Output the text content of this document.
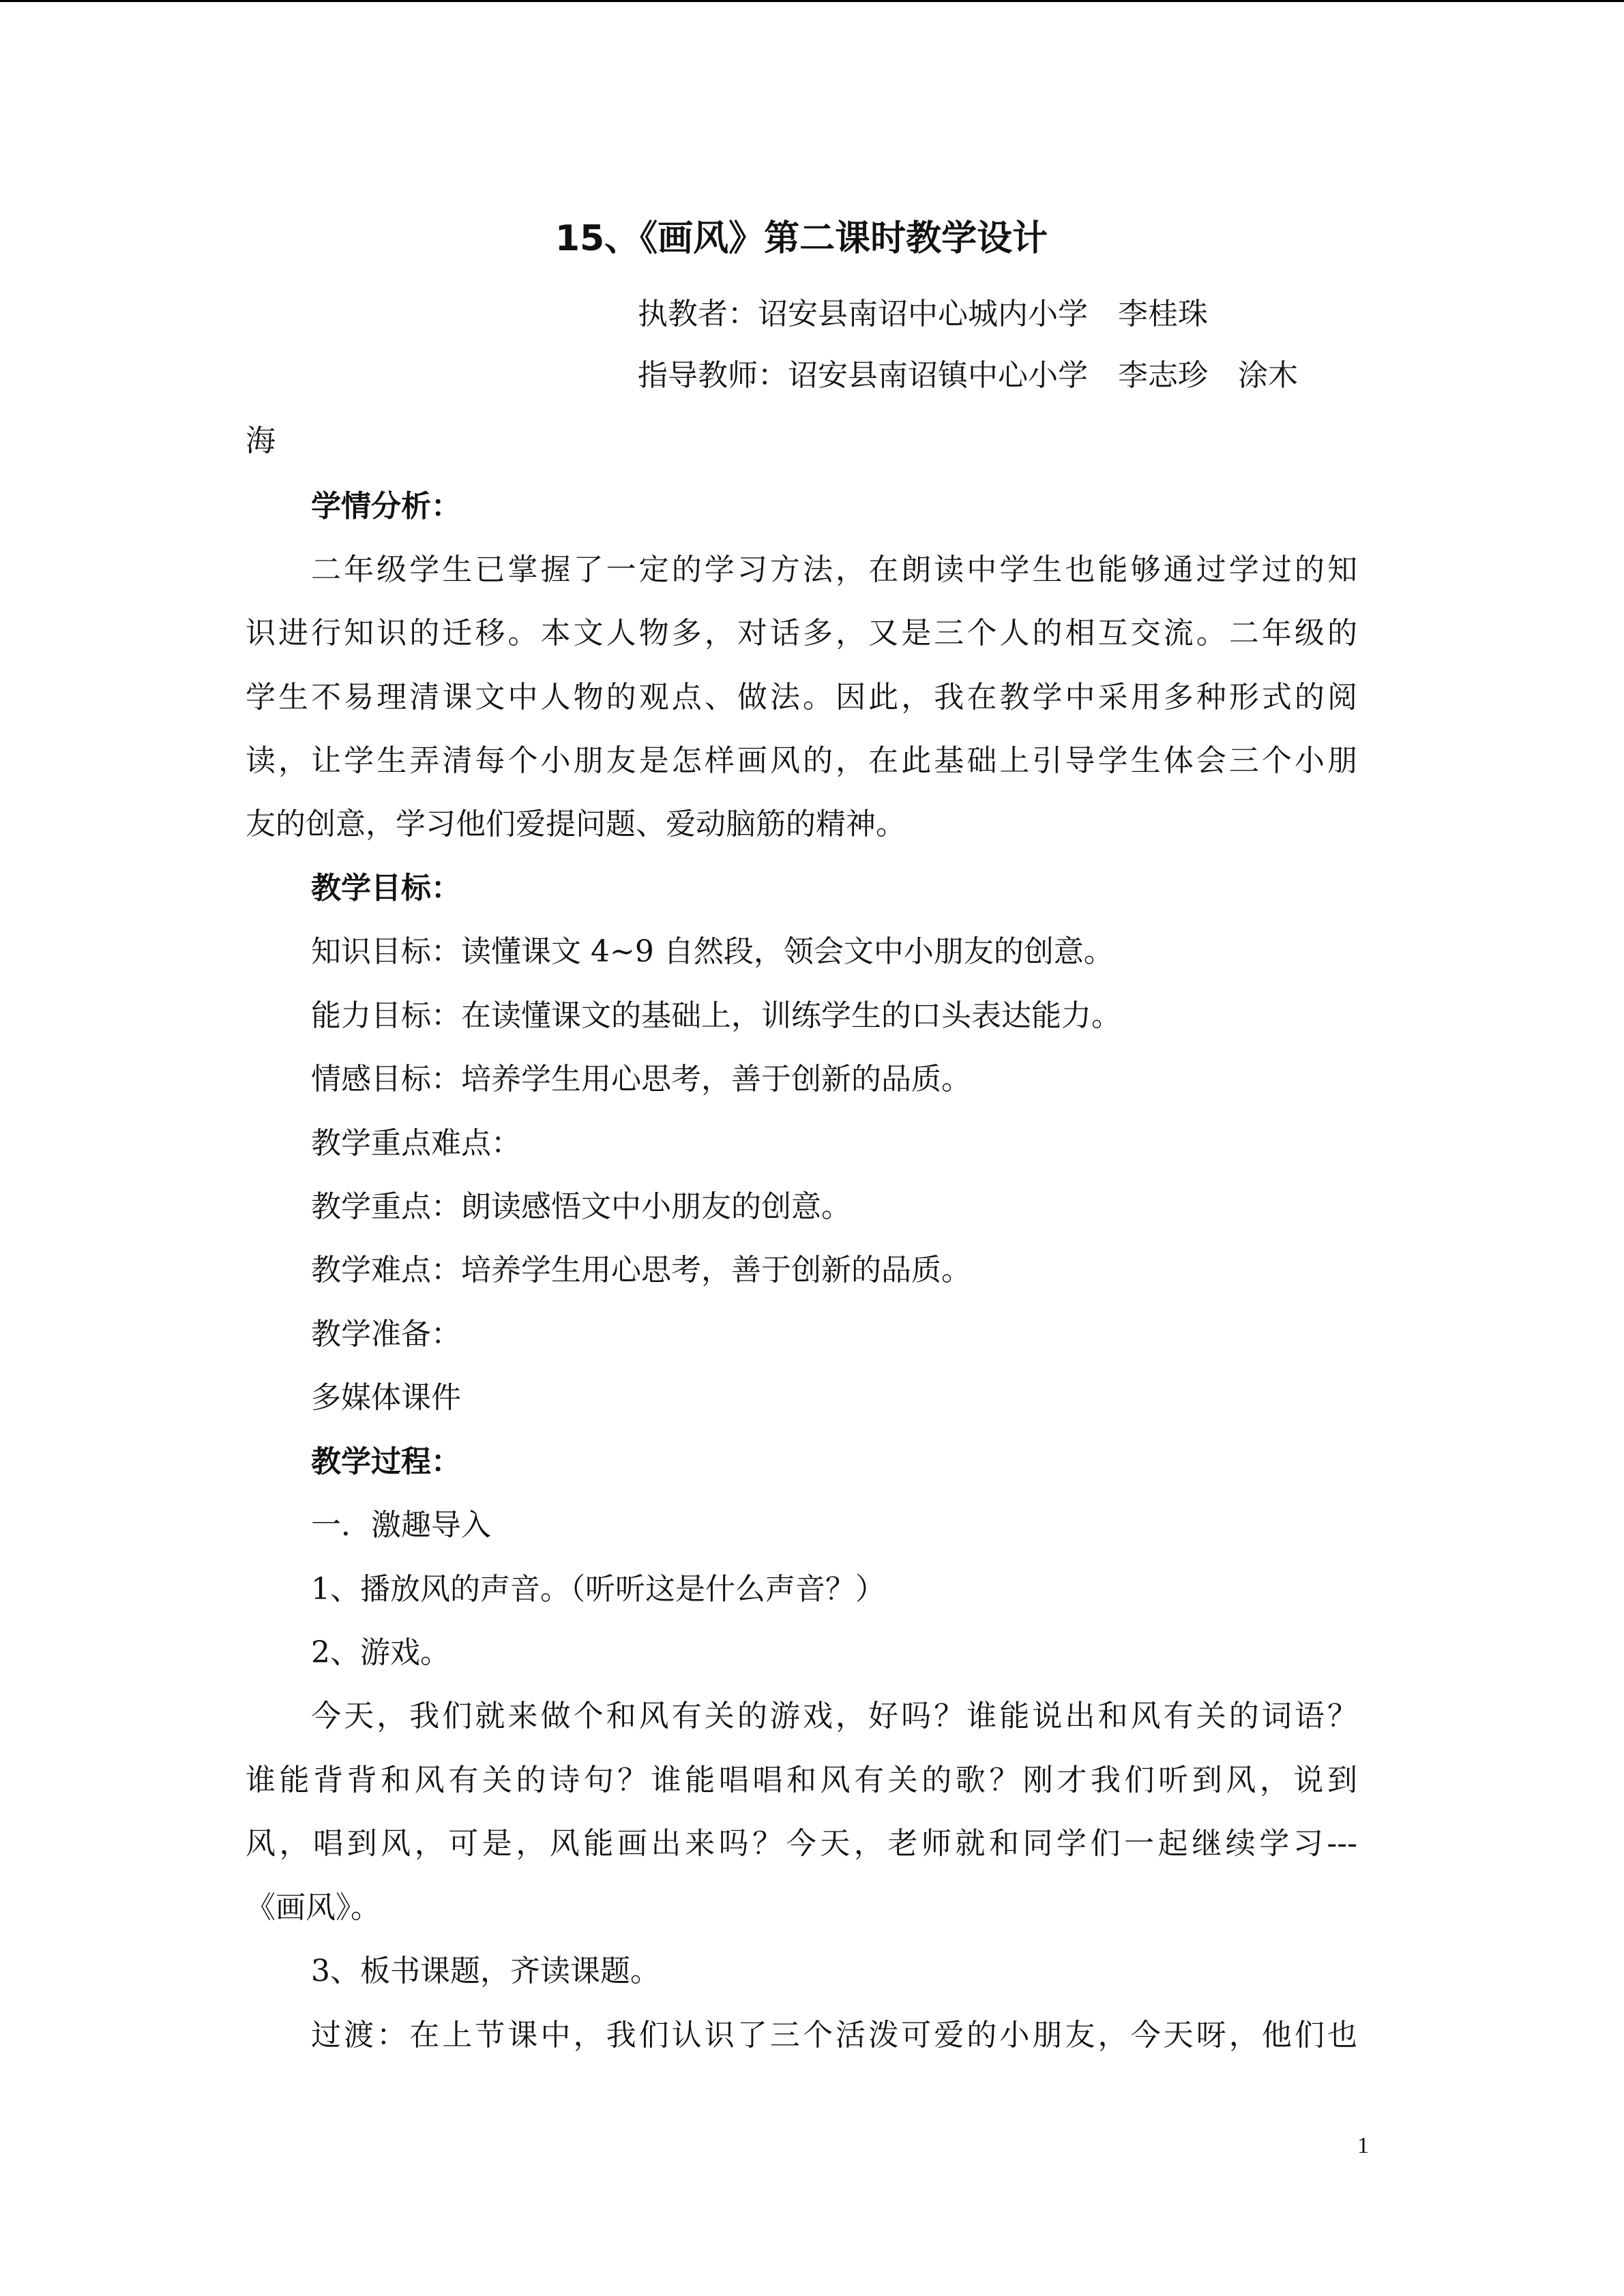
15、《画风》第二课时教学设计
执教者：诏安县南诏中心城内小学　李桂珠
指导教师：诏安县南诏镇中心小学　李志珍　涂木
海
学情分析：
二年级学生已掌握了一定的学习方法，在朗读中学生也能够通过学过的知
识进行知识的迁移。本文人物多，对话多，又是三个人的相互交流。二年级的
学生不易理清课文中人物的观点、做法。因此，我在教学中采用多种形式的阅
读，让学生弄清每个小朋友是怎样画风的，在此基础上引导学生体会三个小朋
友的创意，学习他们爱提问题、爱动脑筋的精神。
教学目标：
知识目标：读懂课文 4~9 自然段，领会文中小朋友的创意。
能力目标：在读懂课文的基础上，训练学生的口头表达能力。
情感目标：培养学生用心思考，善于创新的品质。
教学重点难点：
教学重点：朗读感悟文中小朋友的创意。
教学难点：培养学生用心思考，善于创新的品质。
教学准备：
多媒体课件
教学过程：
一．激趣导入
1、播放风的声音。（听听这是什么声音？）
2、游戏。
今天，我们就来做个和风有关的游戏，好吗？谁能说出和风有关的词语？
谁能背背和风有关的诗句？谁能唱唱和风有关的歌？刚才我们听到风，说到
风，唱到风，可是，风能画出来吗？今天，老师就和同学们一起继续学习---
《画风》。
3、板书课题，齐读课题。
过渡：在上节课中，我们认识了三个活泼可爱的小朋友，今天呀，他们也
1
